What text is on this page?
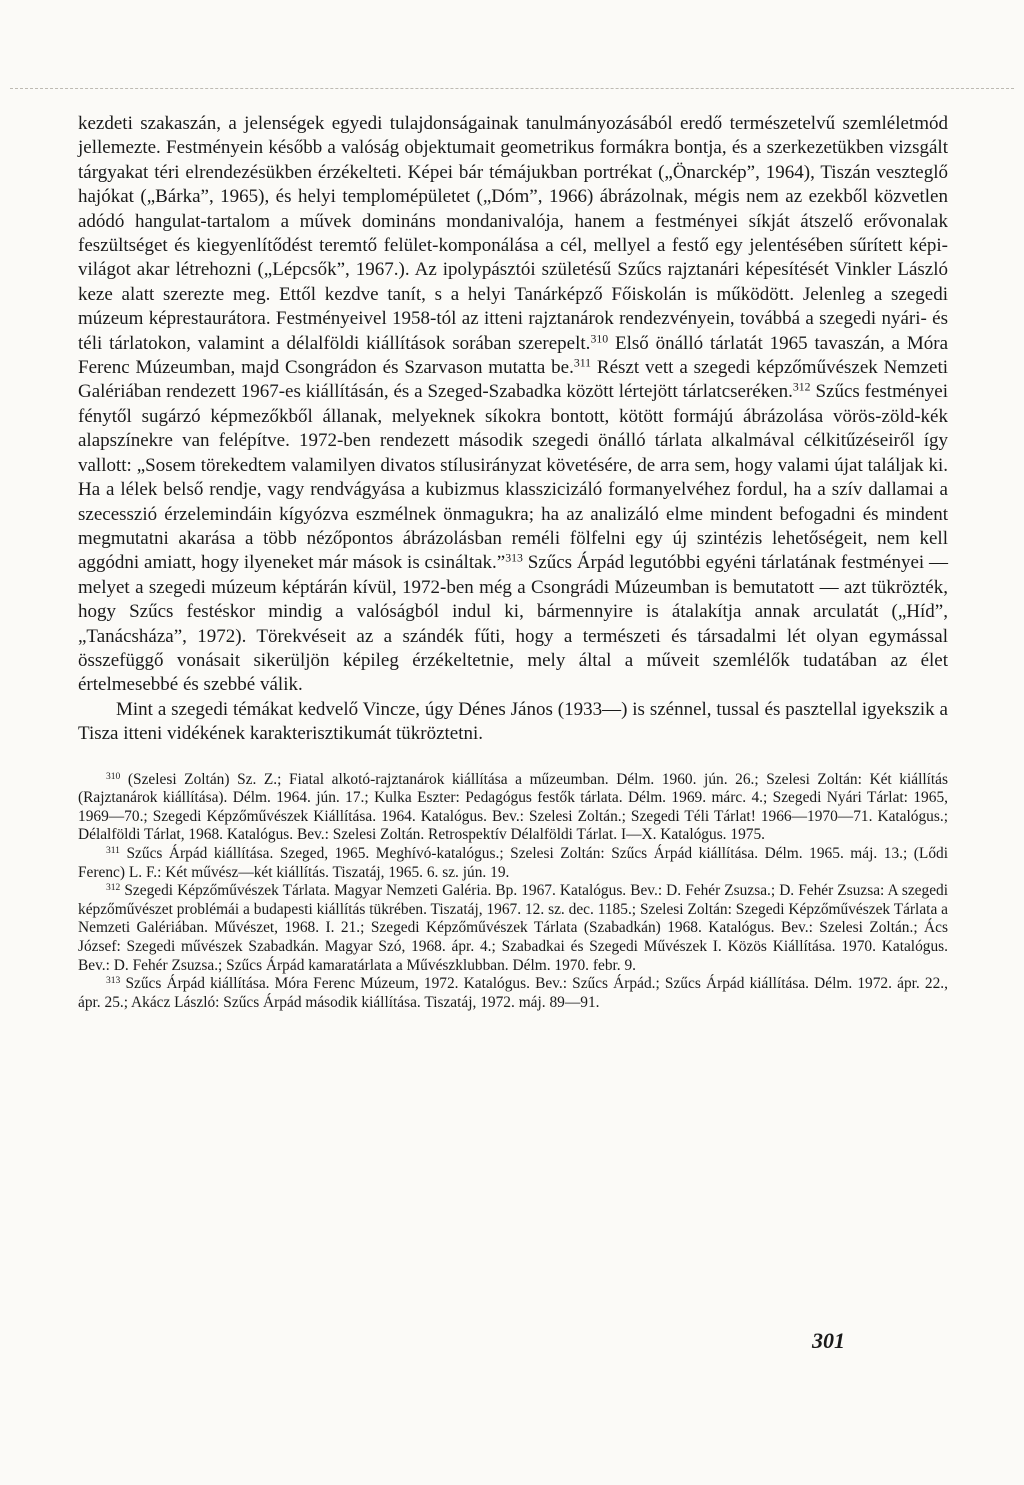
kezdeti szakaszán, a jelenségek egyedi tulajdonságainak tanulmányozásából eredő természetelvű szemléletmód jellemezte. Festményein később a valóság objektumait geometrikus formákra bontja, és a szerkezetükben vizsgált tárgyakat téri elrendezésükben érzékelteti. Képei bár témájukban portrékat („Önarckép”, 1964), Tiszán veszteglő hajókat („Bárka”, 1965), és helyi templomépületet („Dóm”, 1966) ábrázolnak, mégis nem az ezekből közvetlen adódó hangulat-tartalom a művek domináns mondanivalója, hanem a festményei síkját átszelő erővonalak feszültséget és kiegyenlítődést teremtő felület-komponálása a cél, mellyel a festő egy jelentésében sűrített képi-világot akar létrehozni („Lépcsők”, 1967.). Az ipolypásztói születésű Szűcs rajztanári képesítését Vinkler László keze alatt szerezte meg. Ettől kezdve tanít, s a helyi Tanárképző Főiskolán is működött. Jelenleg a szegedi múzeum képrestaurátora. Festményeivel 1958-tól az itteni rajztanárok rendezvényein, továbbá a szegedi nyári- és téli tárlatokon, valamint a délalföldi kiállítások sorában szerepelt.$^{310}$ Első önálló tárlatát 1965 tavaszán, a Móra Ferenc Múzeumban, majd Csongrádon és Szarvason mutatta be.$^{311}$ Részt vett a szegedi képzőművészek Nemzeti Galériában rendezett 1967-es kiállításán, és a Szeged-Szabadka között lértejött tárlatcseréken.$^{312}$ Szűcs festményei fénytől sugárzó képmezőkből állanak, melyeknek síkokra bontott, kötött formájú ábrázolása vörös-zöld-kék alapszínekre van felépítve. 1972-ben rendezett második szegedi önálló tárlata alkalmával célkitűzéseiről így vallott: „Sosem törekedtem valamilyen divatos stílusirányzat követésére, de arra sem, hogy valami újat találjak ki. Ha a lélek belső rendje, vagy rendvágyása a kubizmus klasszicizáló formanyelvéhez fordul, ha a szív dallamai a szecesszió érzelemindáin kígyózva eszmélnek önmagukra; ha az analizáló elme mindent befogadni és mindent megmutatni akarása a több nézőpontos ábrázolásban reméli fölfelni egy új szintézis lehetőségeit, nem kell aggódni amiatt, hogy ilyeneket már mások is csináltak.”$^{313}$ Szűcs Árpád legutóbbi egyéni tárlatának festményei — melyet a szegedi múzeum képtárán kívül, 1972-ben még a Csongrádi Múzeumban is bemutatott — azt tükrözték, hogy Szűcs festéskor mindig a valóságból indul ki, bármennyire is átalakítja annak arculatát („Híd”, „Tanácsháza”, 1972). Törekvéseit az a szándék fűti, hogy a természeti és társadalmi lét olyan egymással összefüggő vonásait sikerüljön képileg érzékeltetnie, mely által a műveit szemlélők tudatában az élet értelmesebbé és szebbé válik.

Mint a szegedi témákat kedvelő Vincze, úgy Dénes János (1933—) is szénnel, tussal és pasztellal igyekszik a Tisza itteni vidékének karakterisztikumát tükröztetni.

$^{310}$ (Szelesi Zoltán) Sz. Z.; Fiatal alkotó-rajztanárok kiállítása a műzeumban. Délm. 1960. jún. 26.; Szelesi Zoltán: Két kiállítás (Rajztanárok kiállítása). Délm. 1964. jún. 17.; Kulka Eszter: Pedagógus festők tárlata. Délm. 1969. márc. 4.; Szegedi Nyári Tárlat: 1965, 1969—70.; Szegedi Képzőművészek Kiállítása. 1964. Katalógus. Bev.: Szelesi Zoltán.; Szegedi Téli Tárlat! 1966—1970—71. Katalógus.; Délalföldi Tárlat, 1968. Katalógus. Bev.: Szelesi Zoltán. Retrospektív Délalföldi Tárlat. I—X. Katalógus. 1975.

$^{311}$ Szűcs Árpád kiállítása. Szeged, 1965. Meghívó-katalógus.; Szelesi Zoltán: Szűcs Árpád kiállítása. Délm. 1965. máj. 13.; (Lődi Ferenc) L. F.: Két művész—két kiállítás. Tiszatáj, 1965. 6. sz. jún. 19.

$^{312}$ Szegedi Képzőművészek Tárlata. Magyar Nemzeti Galéria. Bp. 1967. Katalógus. Bev.: D. Fehér Zsuzsa.; D. Fehér Zsuzsa: A szegedi képzőművészet problémái a budapesti kiállítás tükrében. Tiszatáj, 1967. 12. sz. dec. 1185.; Szelesi Zoltán: Szegedi Képzőművészek Tárlata a Nemzeti Galériában. Művészet, 1968. I. 21.; Szegedi Képzőművészek Tárlata (Szabadkán) 1968. Katalógus. Bev.: Szelesi Zoltán.; Ács József: Szegedi művészek Szabadkán. Magyar Szó, 1968. ápr. 4.; Szabadkai és Szegedi Művészek I. Közös Kiállítása. 1970. Katalógus. Bev.: D. Fehér Zsuzsa.; Szűcs Árpád kamaratárlata a Művészklubban. Délm. 1970. febr. 9.

$^{313}$ Szűcs Árpád kiállítása. Móra Ferenc Múzeum, 1972. Katalógus. Bev.: Szűcs Árpád.; Szűcs Árpád kiállítása. Délm. 1972. ápr. 22., ápr. 25.; Akácz László: Szűcs Árpád második kiállítása. Tiszatáj, 1972. máj. 89—91.

301
